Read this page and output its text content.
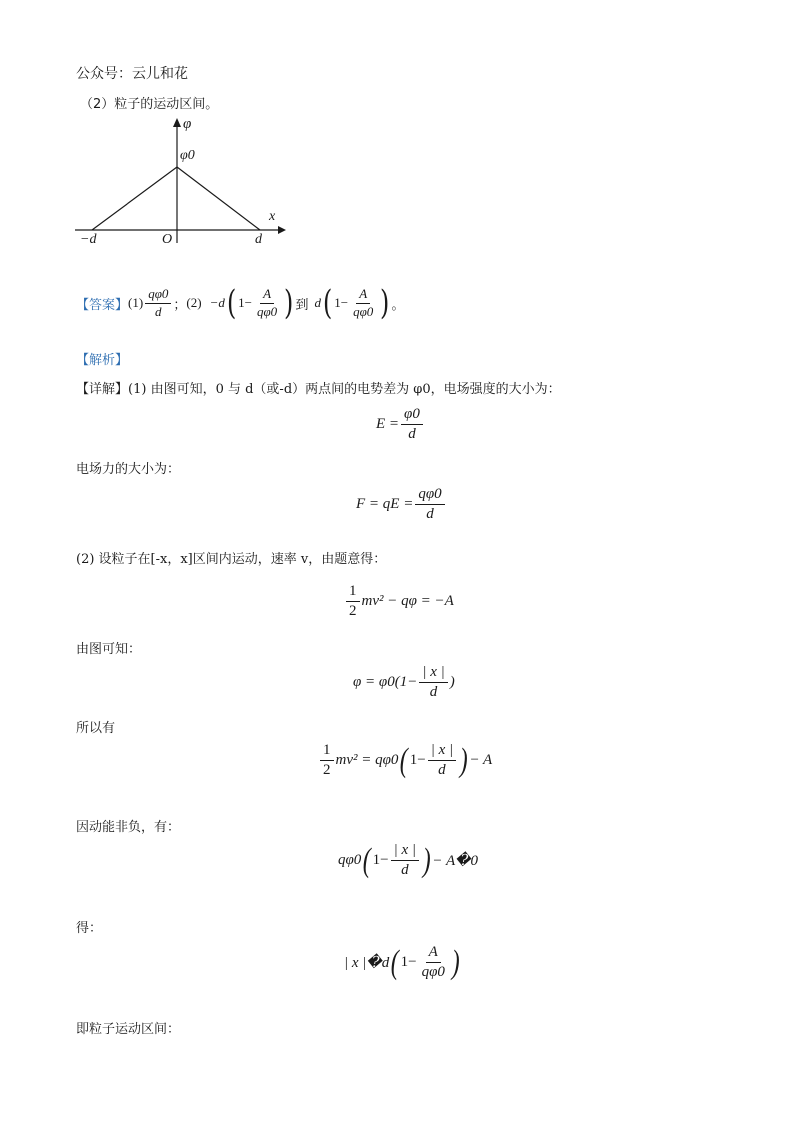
公众号：云儿和花
（2）粒子的运动区间。
φ
φ0
x
−d	O	d
【答案】 $(1) \frac{q\varphi 0}{d}$ ； (2) −d ( $1- \frac{A}{q\varphi 0}$ ) 到 d ( $1- \frac{A}{q\varphi 0}$ ) 。
【解析】
【详解】(1) 由图可知，0 与 d（或-d）两点间的电势差为 φ0，电场强度的大小为：
$E = \frac{\varphi 0}{d}$
电场力的大小为：
F = qE = $\frac{q\varphi 0}{d}$
(2) 设粒子在[-x，x]区间内运动，速率 v，由题意得：
$\frac{1}{2} mv^2 - q\varphi = -A$
由图可知：
$\varphi = \varphi 0(1- \frac{| x |}{d}$ )
所以有
$\frac{1}{2} mv^2 = q\varphi 0$ ( $1- \frac{| x |}{d}$ ) − A
因动能非负，有：
qφ0 ( $1- \frac{| x |}{d}$ ) − A�0
得：
| x |�d ( $1- \frac{A}{q\varphi 0}$ )
即粒子运动区间：
